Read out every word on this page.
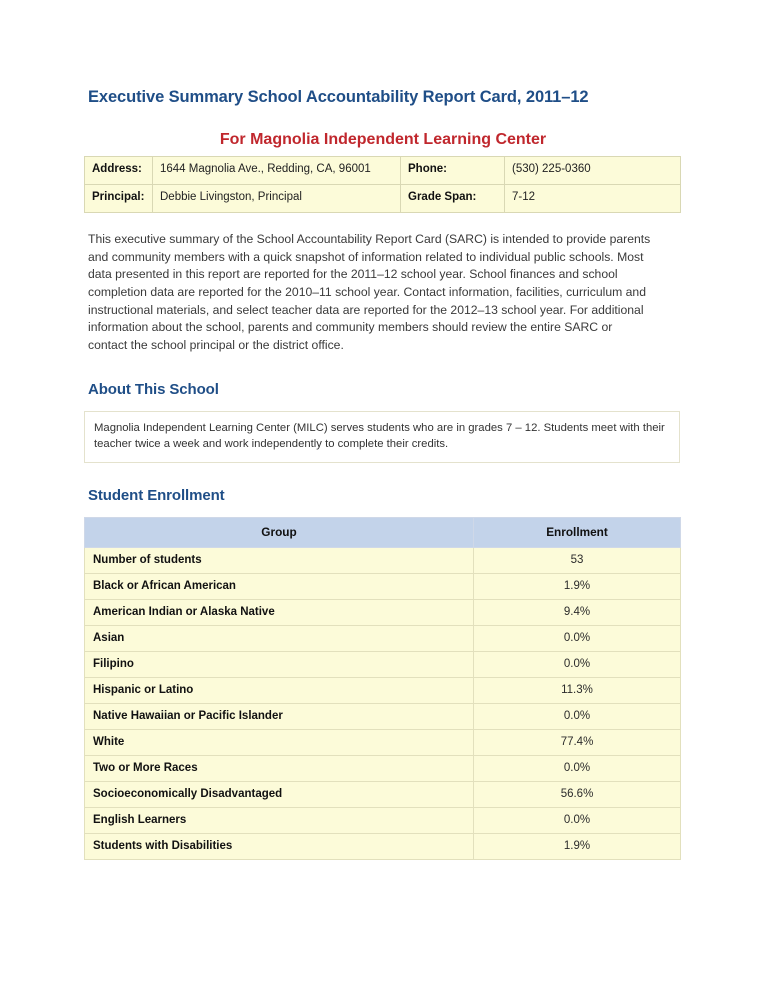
Executive Summary School Accountability Report Card, 2011–12
For Magnolia Independent Learning Center
Address:	1644 Magnolia Ave., Redding, CA, 96001	Phone:	(530) 225-0360
Principal:	Debbie Livingston, Principal	Grade Span:	7-12

This executive summary of the School Accountability Report Card (SARC) is intended to provide parents and community members with a quick snapshot of information related to individual public schools. Most data presented in this report are reported for the 2011–12 school year. School finances and school completion data are reported for the 2010–11 school year. Contact information, facilities, curriculum and instructional materials, and select teacher data are reported for the 2012–13 school year. For additional information about the school, parents and community members should review the entire SARC or contact the school principal or the district office.

About This School
Magnolia Independent Learning Center (MILC) serves students who are in grades 7 – 12. Students meet with their teacher twice a week and work independently to complete their credits.
Student Enrollment
Group	Enrollment
Number of students	53
Black or African American	1.9%
American Indian or Alaska Native	9.4%
Asian	0.0%
Filipino	0.0%
Hispanic or Latino	11.3%
Native Hawaiian or Pacific Islander	0.0%
White	77.4%
Two or More Races	0.0%
Socioeconomically Disadvantaged	56.6%
English Learners	0.0%
Students with Disabilities	1.9%
